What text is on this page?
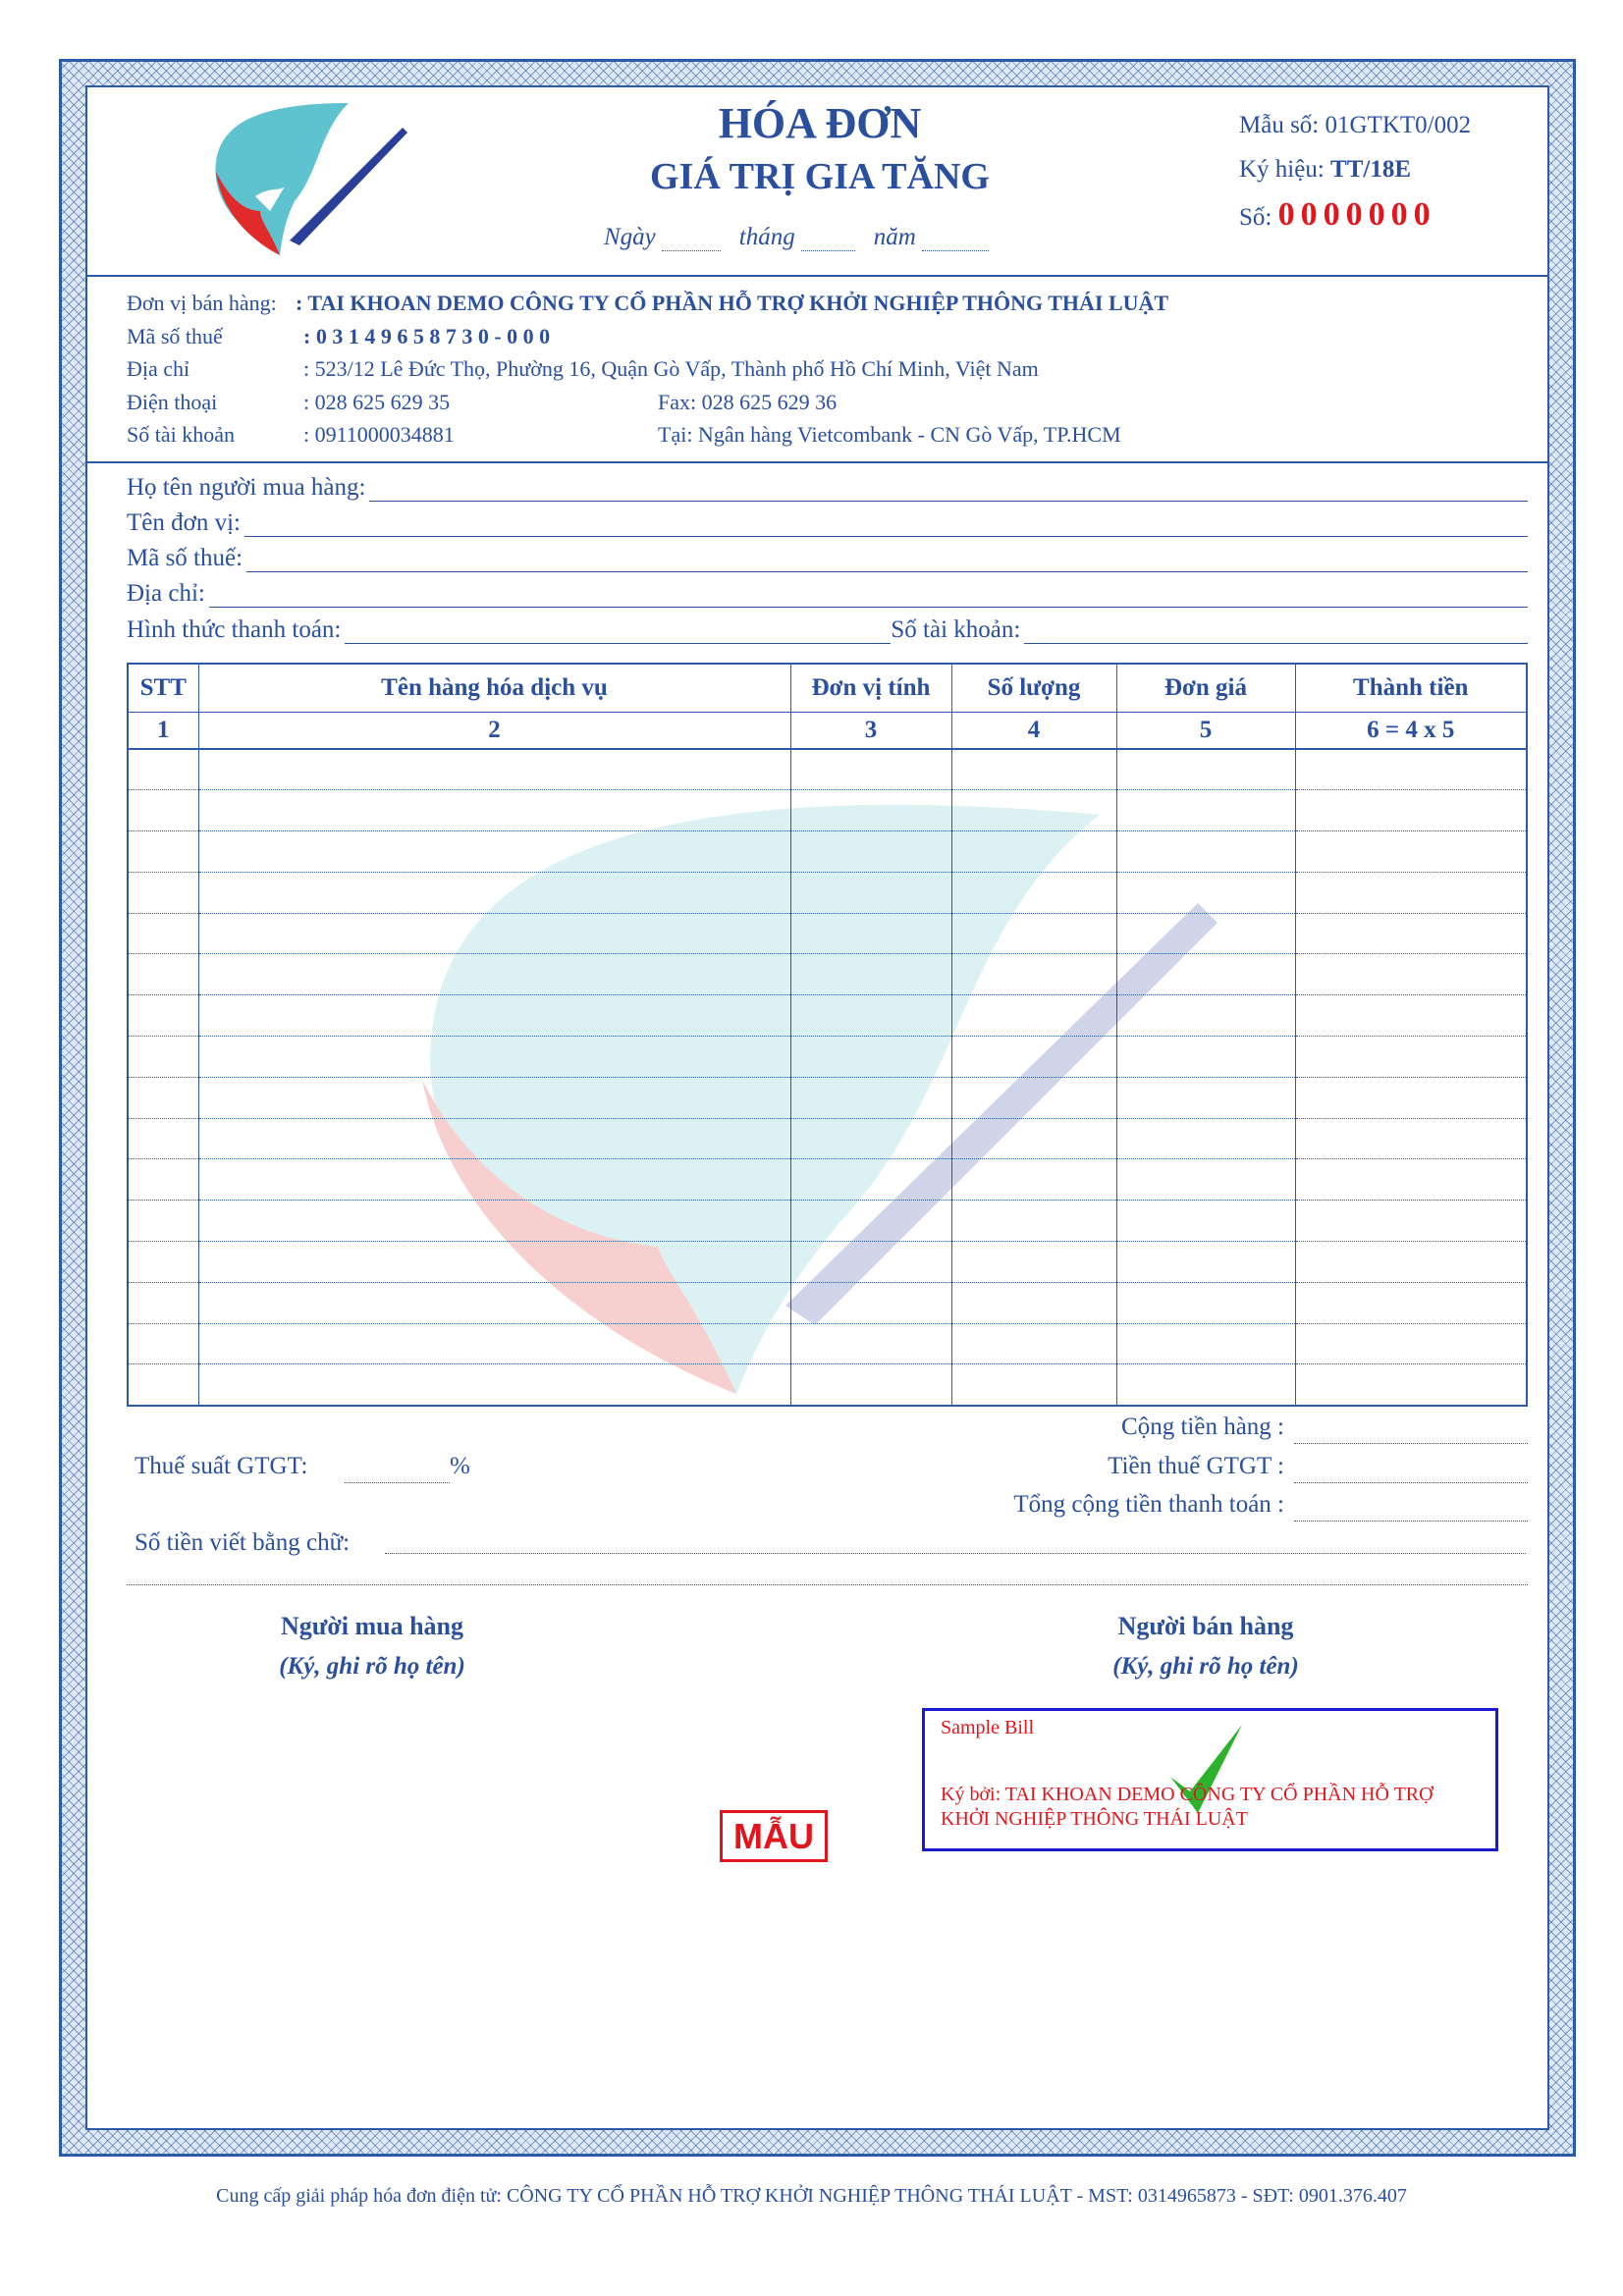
HÓA ĐƠN
GIÁ TRỊ GIA TĂNG
Ngày	tháng	năm
Mẫu số: 01GTKT0/002
Ký hiệu: TT/18E
Số: 0000000
Đơn vị bán hàng: : TAI KHOAN DEMO CÔNG TY CỔ PHẦN HỖ TRỢ KHỞI NGHIỆP THÔNG THÁI LUẬT
Mã số thuế	: 0 3 1 4 9 6 5 8 7 3 0 - 0 0 0
Địa chỉ	: 523/12 Lê Đức Thọ, Phường 16, Quận Gò Vấp, Thành phố Hồ Chí Minh, Việt Nam
Điện thoại	: 028 625 629 35	Fax: 028 625 629 36
Số tài khoản	: 0911000034881	Tại: Ngân hàng Vietcombank - CN Gò Vấp, TP.HCM
Họ tên người mua hàng:
Tên đơn vị:
Mã số thuế:
Địa chỉ:
Hình thức thanh toán:	Số tài khoản:
STT	Tên hàng hóa dịch vụ	Đơn vị tính	Số lượng	Đơn giá	Thành tiền
1	2	3	4	5	6 = 4 x 5

Cộng tiền hàng :
Thuế suất GTGT:	%	Tiền thuế GTGT :
Tổng cộng tiền thanh toán :
Số tiền viết bằng chữ:
Người mua hàng
(Ký, ghi rõ họ tên)
Người bán hàng
(Ký, ghi rõ họ tên)
Sample Bill
Ký bởi: TAI KHOAN DEMO CÔNG TY CỔ PHẦN HỖ TRỢ KHỞI NGHIỆP THÔNG THÁI LUẬT
MẪU
Cung cấp giải pháp hóa đơn điện tử: CÔNG TY CỔ PHẦN HỖ TRỢ KHỞI NGHIỆP THÔNG THÁI LUẬT - MST: 0314965873 - SĐT: 0901.376.407
